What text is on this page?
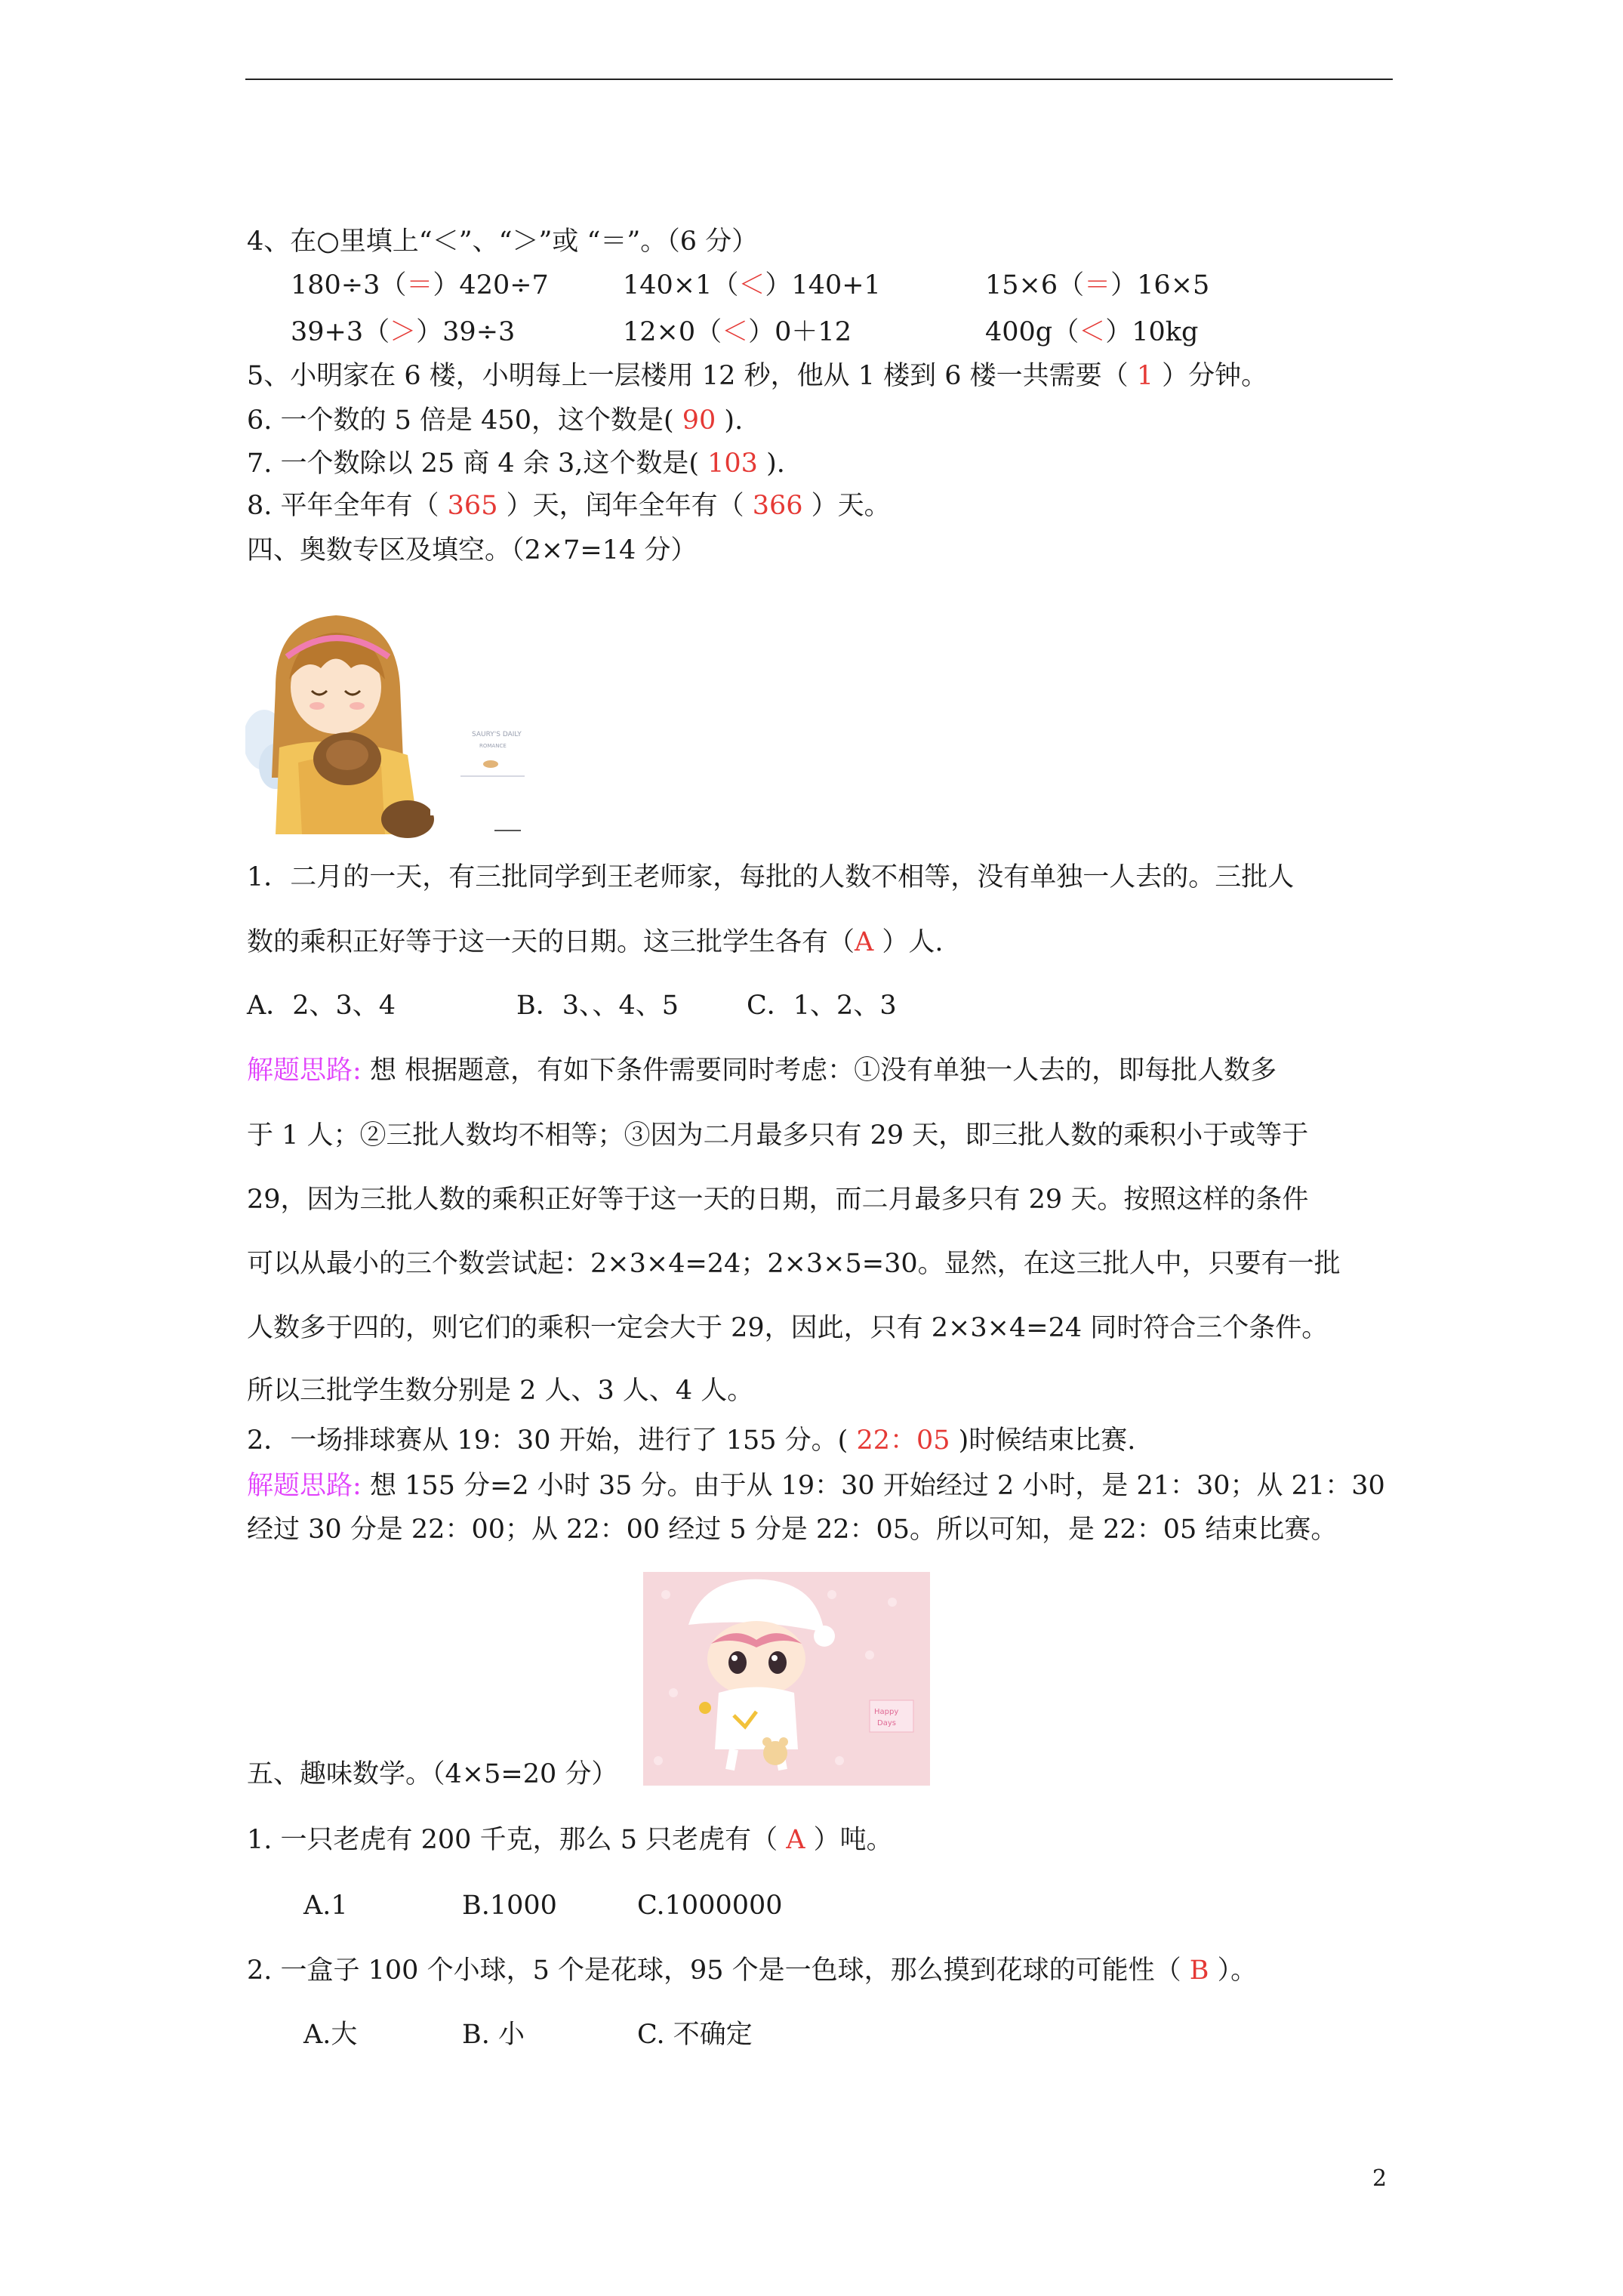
4、在○里填上“＜”、“＞”或 “＝”。（6 分）
180÷3（＝）420÷7	140×1（＜）140+1	15×6（＝）16×5
39+3（＞）39÷3	12×0（＜）0＋12	400g（＜）10kg
5、小明家在 6 楼，小明每上一层楼用 12 秒，他从 1 楼到 6 楼一共需要（ 1 ）分钟。
6. 一个数的 5 倍是 450，这个数是( 90 ).
7. 一个数除以 25 商 4 余 3,这个数是( 103 ).
8. 平年全年有（ 365 ）天，闰年全年有（ 366 ）天。
四、奥数专区及填空。（2×7=14 分）
SAURY'S DAILY
ROMANCE
1．二月的一天，有三批同学到王老师家，每批的人数不相等，没有单独一人去的。三批人
数的乘积正好等于这一天的日期。这三批学生各有（A ）人.
A．2、3、4	B．3、、4、5	C．1、2、3
解题思路: 想 根据题意，有如下条件需要同时考虑：①没有单独一人去的，即每批人数多
于 1 人；②三批人数均不相等；③因为二月最多只有 29 天，即三批人数的乘积小于或等于
29，因为三批人数的乘积正好等于这一天的日期，而二月最多只有 29 天。按照这样的条件
可以从最小的三个数尝试起：2×3×4=24；2×3×5=30。显然，在这三批人中，只要有一批
人数多于四的，则它们的乘积一定会大于 29，因此，只有 2×3×4=24 同时符合三个条件。
所以三批学生数分别是 2 人、3 人、4 人。
2．一场排球赛从 19：30 开始，进行了 155 分。( 22：05 )时候结束比赛.
解题思路: 想 155 分=2 小时 35 分。由于从 19：30 开始经过 2 小时，是 21：30；从 21：30
经过 30 分是 22：00；从 22：00 经过 5 分是 22：05。所以可知，是 22：05 结束比赛。
Happy
Days
五、趣味数学。（4×5=20 分）
1. 一只老虎有 200 千克，那么 5 只老虎有（ A ）吨。
A.1	B.1000	C.1000000
2. 一盒子 100 个小球，5 个是花球，95 个是一色球，那么摸到花球的可能性（ B ）。
A.大	B. 小	C. 不确定
2
